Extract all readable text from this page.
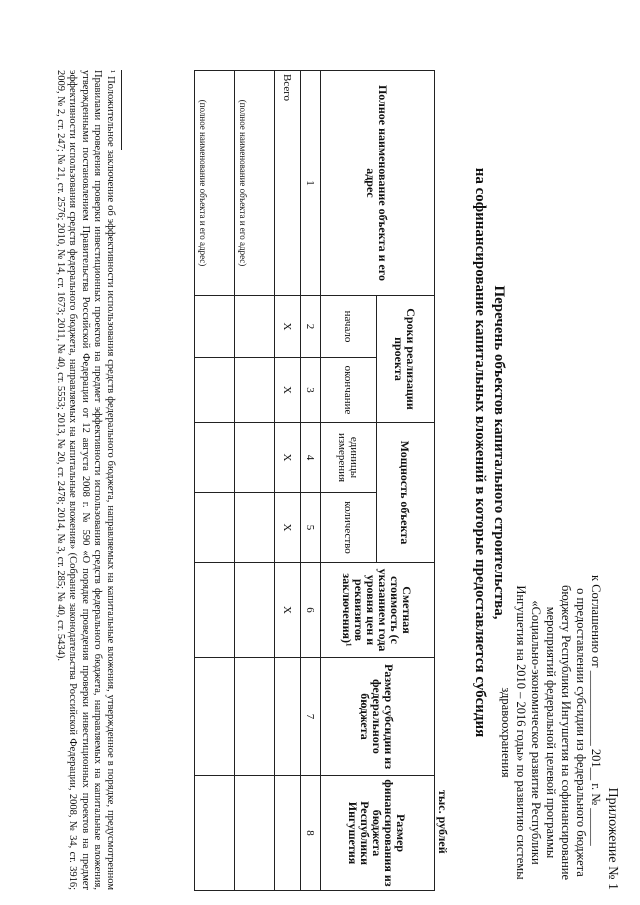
Приложение № 1
к Соглашению от ____________ 201__ г. № ______
о предоставлении субсидии из федерального бюджета бюджету Республики Ингушетия на софинансирование мероприятий федеральной целевой программы «Социально-экономическое развитие Республики Ингушетия на 2010 – 2016 годы» по развитию системы здравоохранения
Перечень объектов капитального строительства,
на софинансирование капитальных вложений в которые предоставляется субсидия
тыс. рублей
Полное наименование объекта и его адрес	Сроки реализации проекта		Мощность объекта		Сметная стоимость (с указанием года уровня цен и реквизитов заключения)¹	Размер субсидии из федерального бюджета	Размер финансирования из бюджета Республики Ингушетия
	начало	окончание	единицы измерения	количество			
1	2	3	4	5	6	7	8
Всего	Х	Х	Х	Х	Х		
(полное наименование объекта и его адрес)							
(полное наименование объекта и его адрес)							
¹ Положительное заключение об эффективности использования средств федерального бюджета, направляемых на капитальные вложения, утвержденное в порядке, предусмотренном Правилами проведения проверки инвестиционных проектов на предмет эффективности использования средств федерального бюджета, направляемых на капитальные вложения, утвержденными постановлением Правительства Российской Федерации от 12 августа 2008 г. № 590 «О порядке проведения проверки инвестиционных проектов на предмет эффективности использования средств федерального бюджета, направляемых на капитальные вложения» (Собрание законодательства Российской Федерации, 2008, № 34, ст. 3916; 2009, № 2, ст. 247; № 21, ст. 2576; 2010, № 14, ст. 1673; 2011, № 40, ст. 5553; 2013, № 20, ст. 2478; 2014, № 3, ст. 285; № 40, ст. 5434).
